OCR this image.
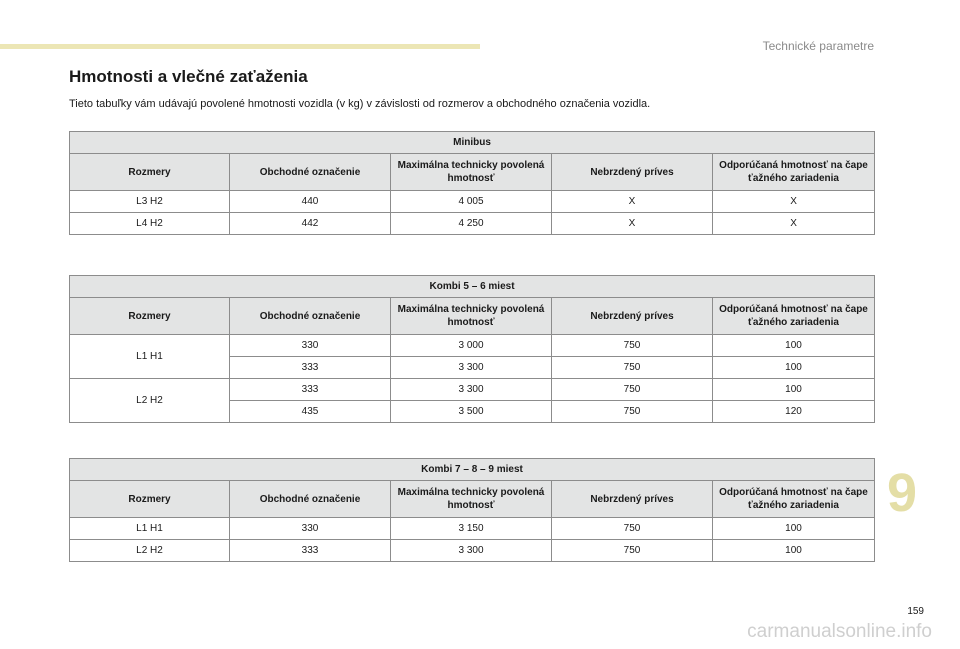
Technické parametre
Hmotnosti a vlečné zaťaženia
Tieto tabuľky vám udávajú povolené hmotnosti vozidla (v kg) v závislosti od rozmerov a obchodného označenia vozidla.
Minibus				
Rozmery	Obchodné označenie	Maximálna technicky povolená hmotnosť	Nebrzdený príves	Odporúčaná hmotnosť na čape ťažného zariadenia
L3 H2	440	4 005	X	X
L4 H2	442	4 250	X	X
Kombi 5 – 6 miest				
Rozmery	Obchodné označenie	Maximálna technicky povolená hmotnosť	Nebrzdený príves	Odporúčaná hmotnosť na čape ťažného zariadenia
L1 H1	330	3 000	750	100
	333	3 300	750	100
L2 H2	333	3 300	750	100
	435	3 500	750	120
Kombi 7 – 8 – 9 miest				
Rozmery	Obchodné označenie	Maximálna technicky povolená hmotnosť	Nebrzdený príves	Odporúčaná hmotnosť na čape ťažného zariadenia
L1 H1	330	3 150	750	100
L2 H2	333	3 300	750	100
9
159
carmanualsonline.info
